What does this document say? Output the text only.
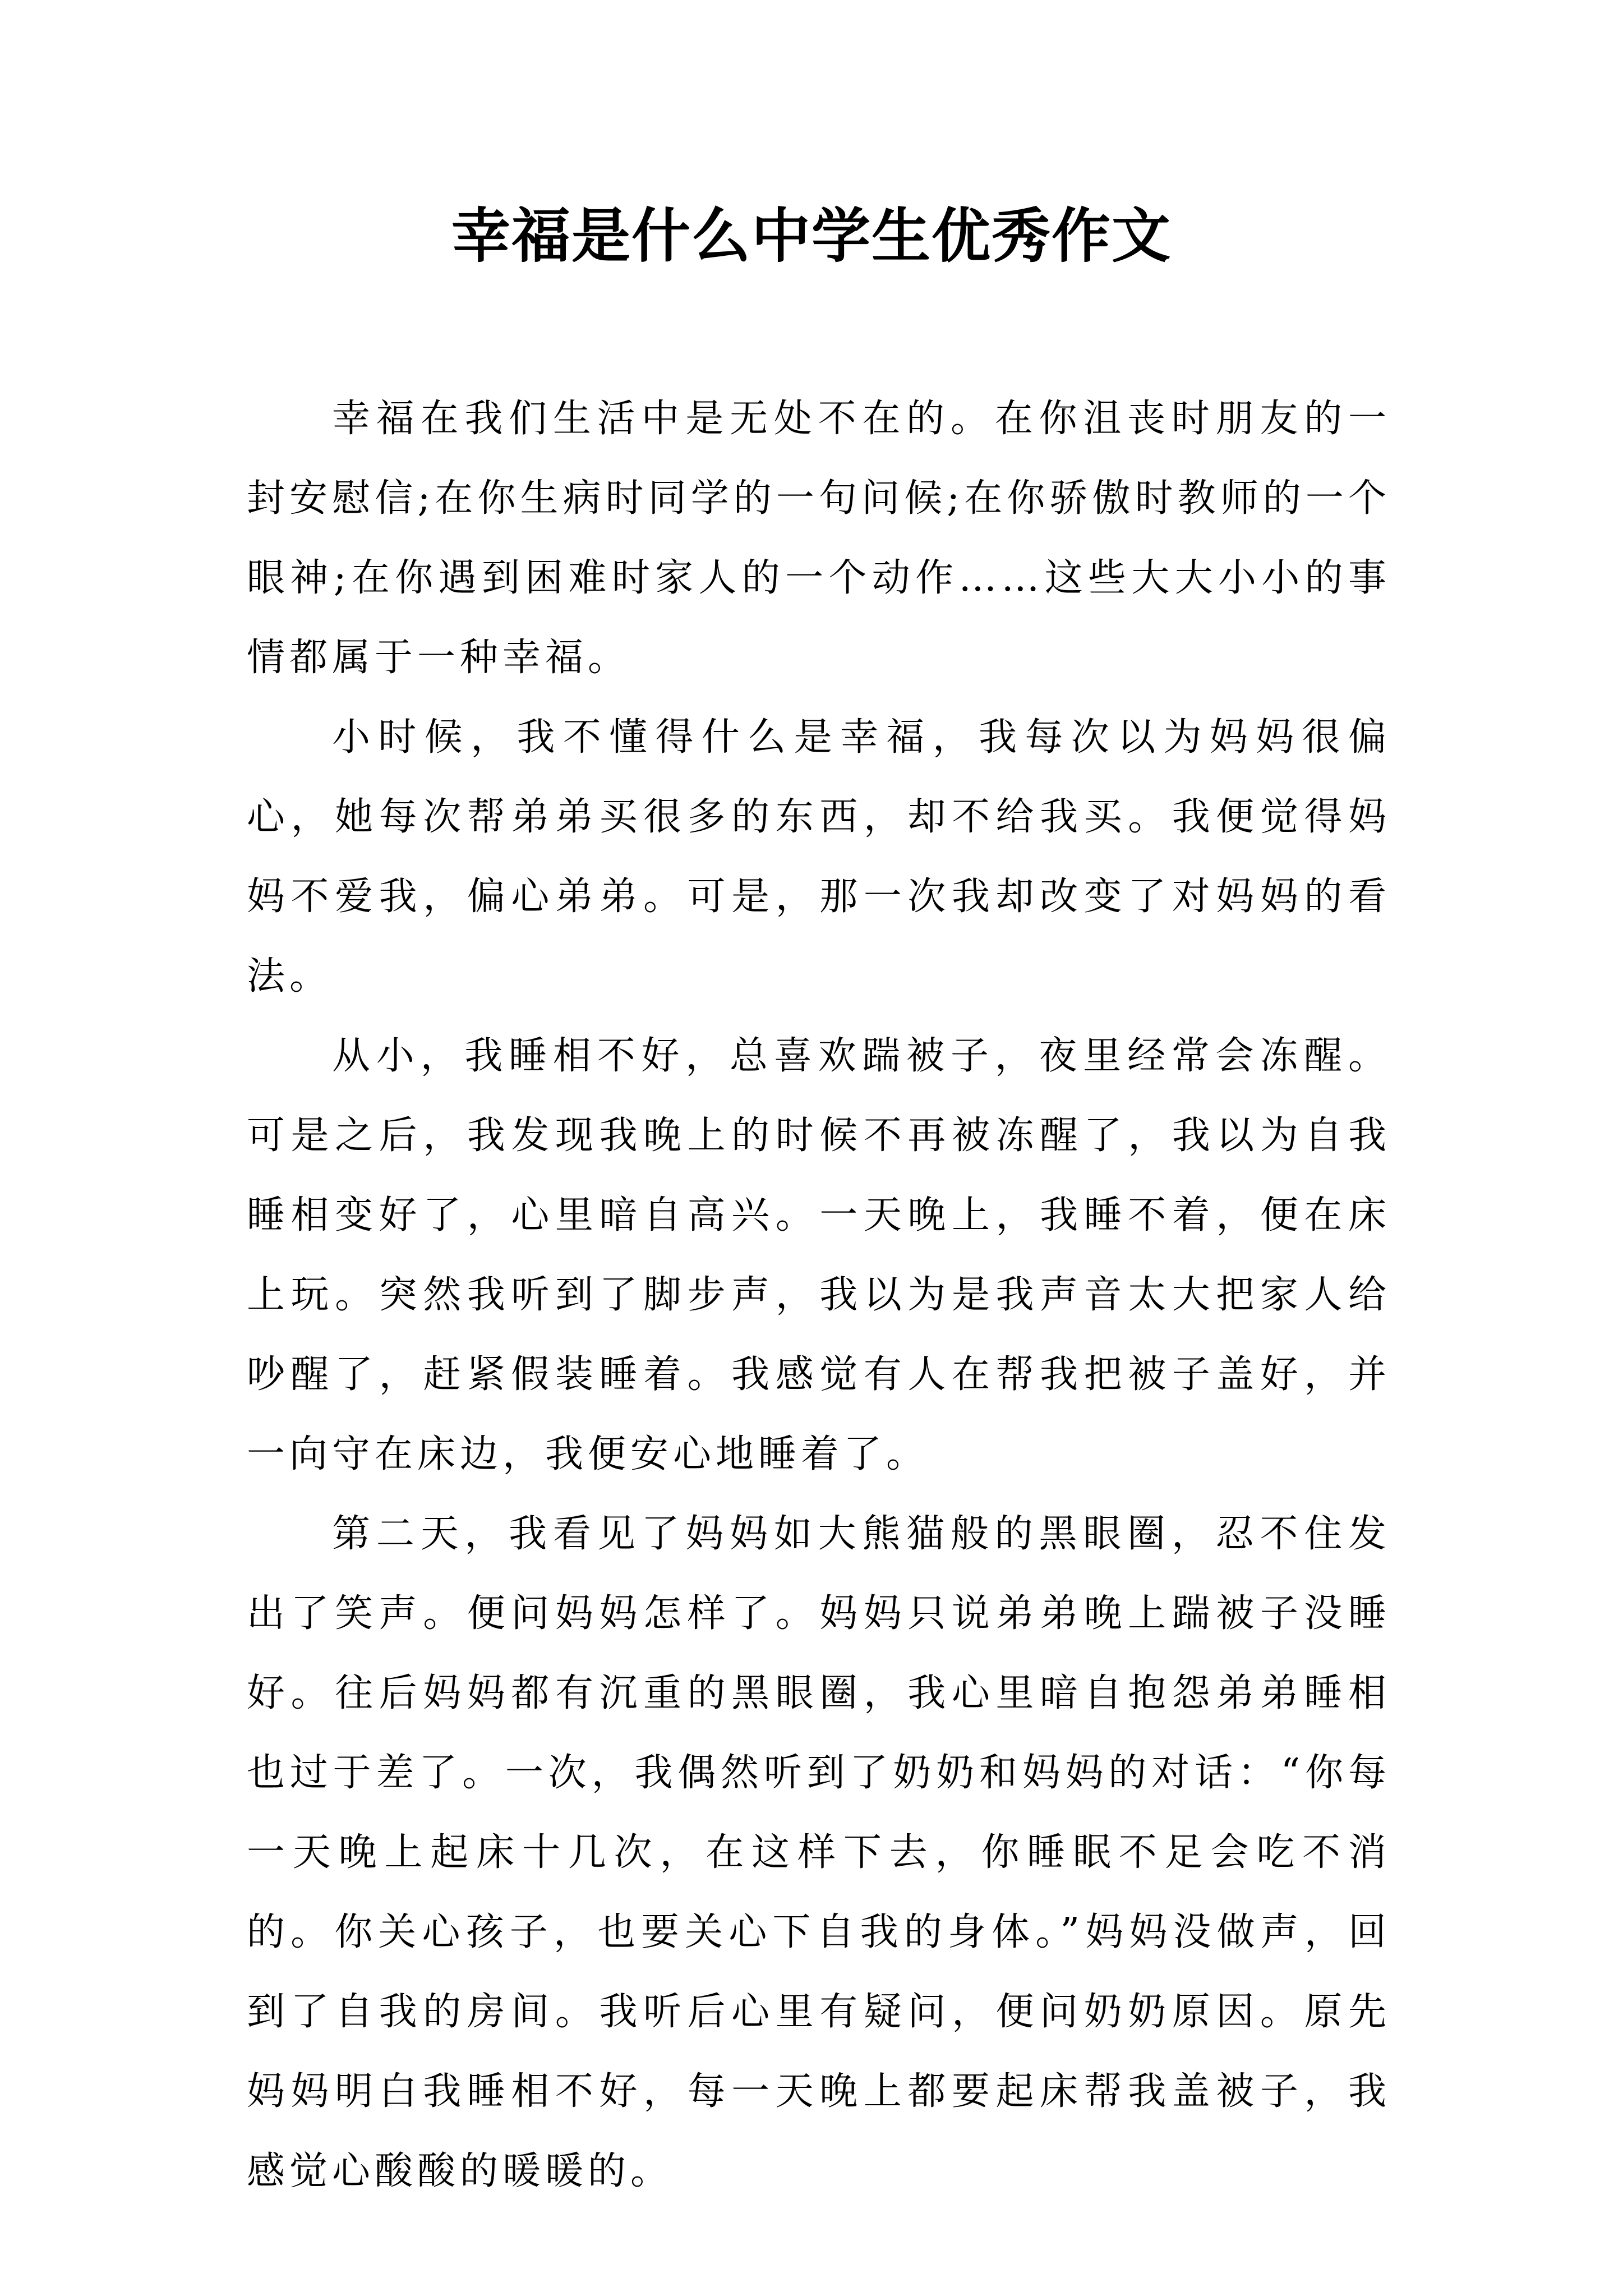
幸福是什么中学生优秀作文

幸福在我们生活中是无处不在的。在你沮丧时朋友的一封安慰信;在你生病时同学的一句问候;在你骄傲时教师的一个眼神;在你遇到困难时家人的一个动作……这些大大小小的事情都属于一种幸福。

小时候，我不懂得什么是幸福，我每次以为妈妈很偏心，她每次帮弟弟买很多的东西，却不给我买。我便觉得妈妈不爱我，偏心弟弟。可是，那一次我却改变了对妈妈的看法。

从小，我睡相不好，总喜欢踹被子，夜里经常会冻醒。可是之后，我发现我晚上的时候不再被冻醒了，我以为自我睡相变好了，心里暗自高兴。一天晚上，我睡不着，便在床上玩。突然我听到了脚步声，我以为是我声音太大把家人给吵醒了，赶紧假装睡着。我感觉有人在帮我把被子盖好，并一向守在床边，我便安心地睡着了。

第二天，我看见了妈妈如大熊猫般的黑眼圈，忍不住发出了笑声。便问妈妈怎样了。妈妈只说弟弟晚上踹被子没睡好。往后妈妈都有沉重的黑眼圈，我心里暗自抱怨弟弟睡相也过于差了。一次，我偶然听到了奶奶和妈妈的对话：“你每一天晚上起床十几次，在这样下去，你睡眠不足会吃不消的。你关心孩子，也要关心下自我的身体。”妈妈没做声，回到了自我的房间。我听后心里有疑问，便问奶奶原因。原先妈妈明白我睡相不好，每一天晚上都要起床帮我盖被子，我感觉心酸酸的暖暖的。
